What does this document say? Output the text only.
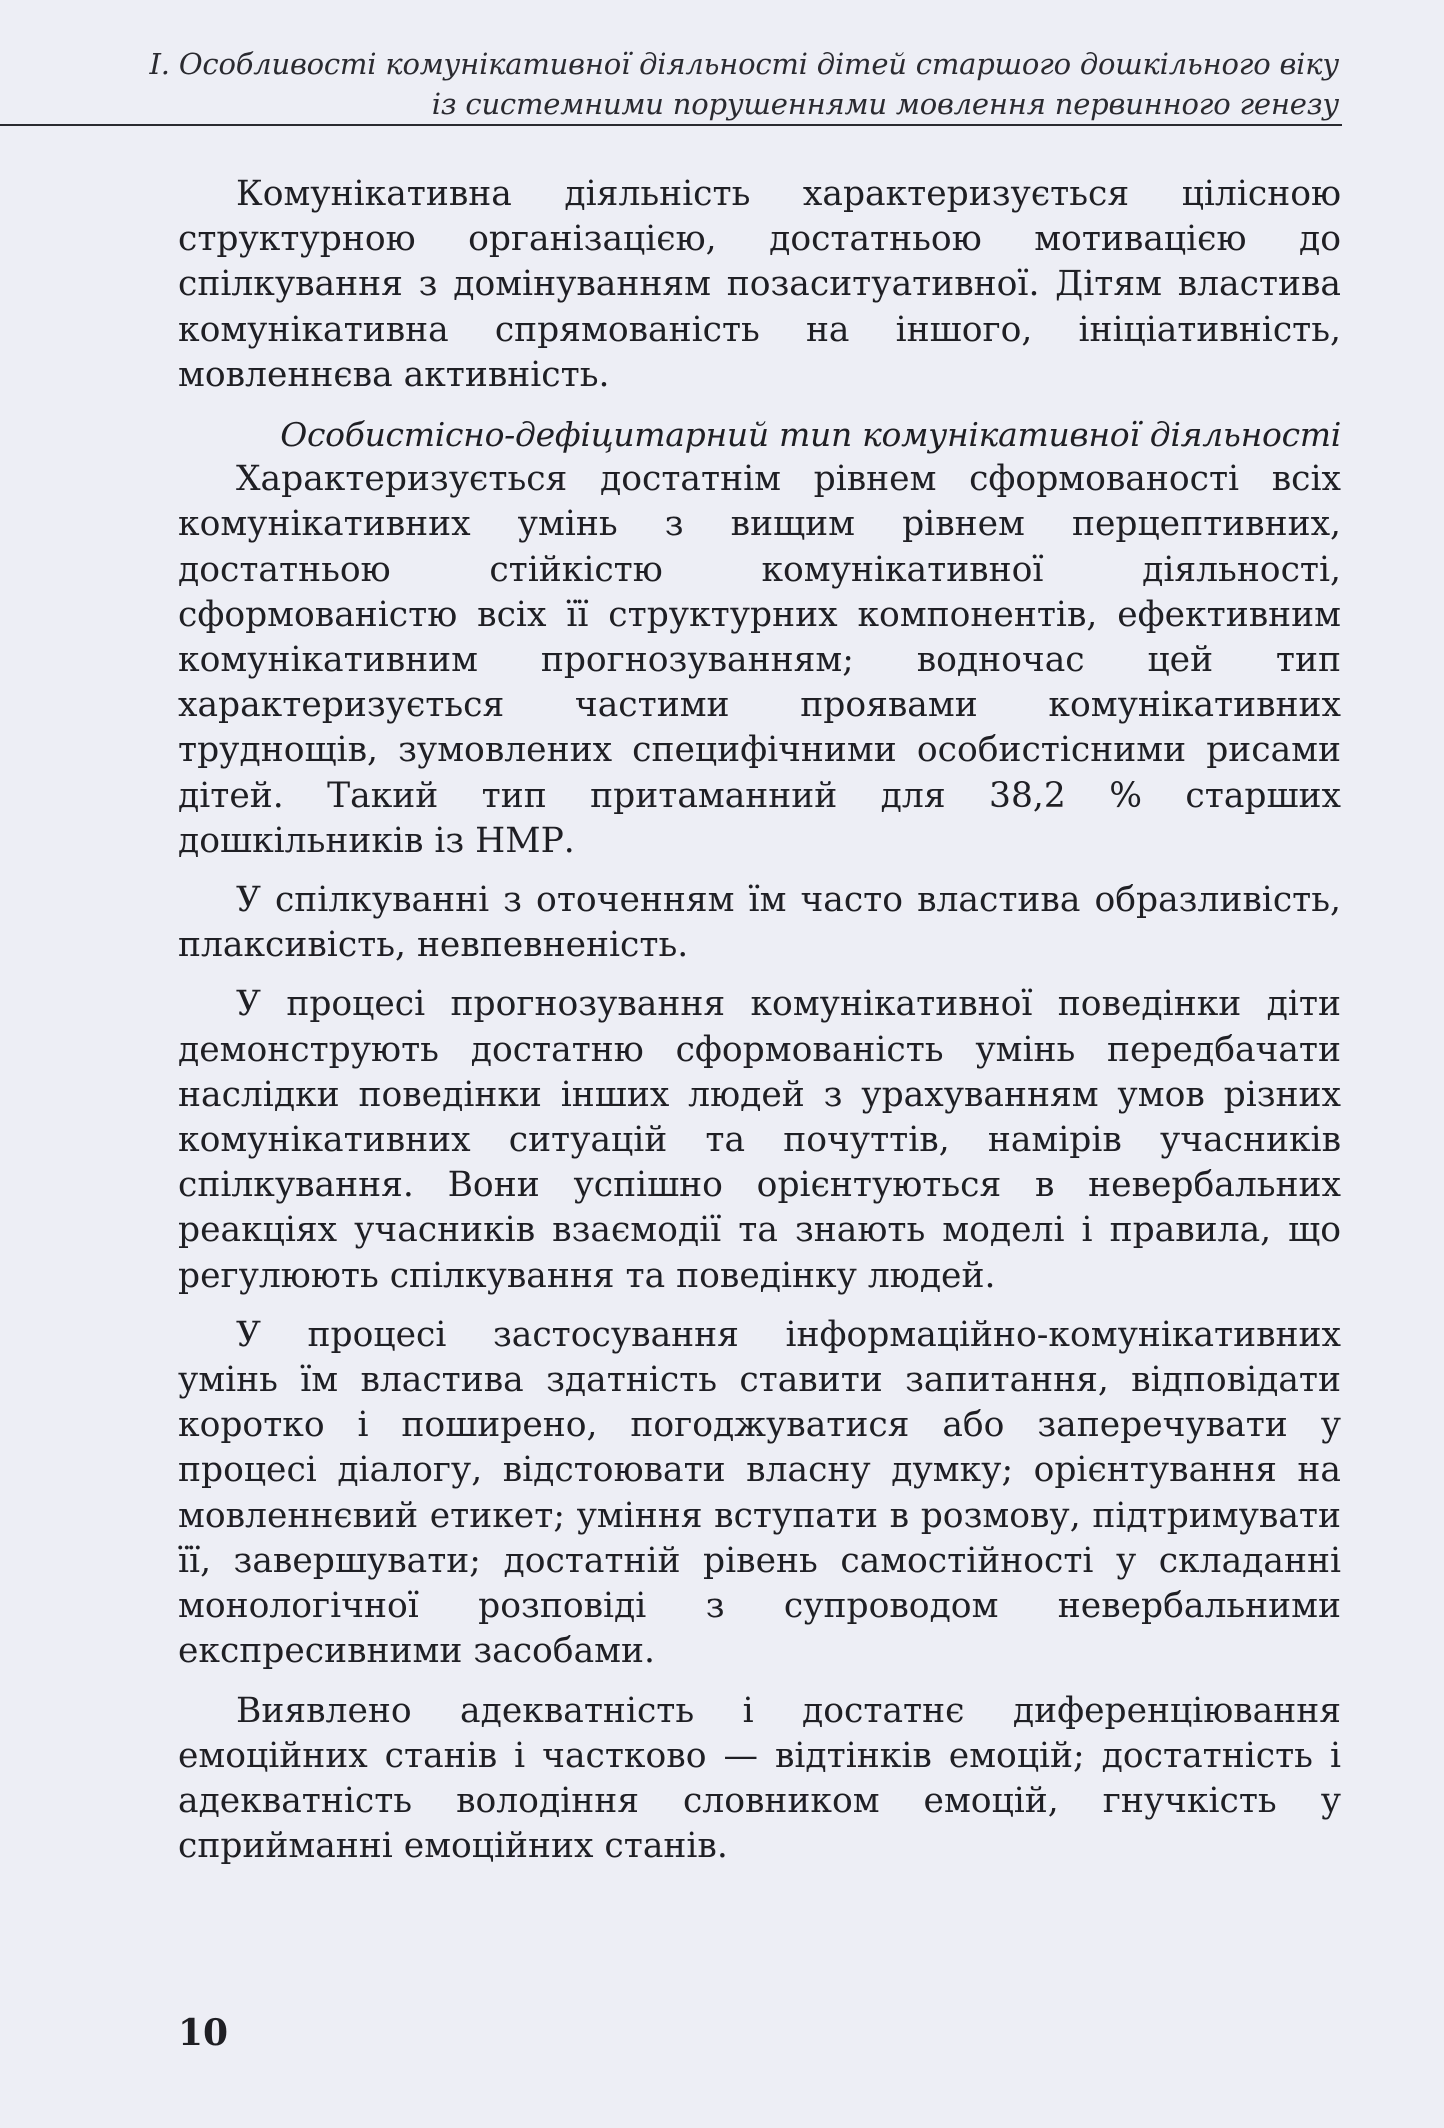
I. Особливості комунікативної діяльності дітей старшого дошкільного віку
із системними порушеннями мовлення первинного генезу

Комунікативна діяльність характеризується цілісною структурною організацією, достатньою мотивацією до спілкування з домінуванням позаситуативної. Дітям властива комунікативна спрямованість на іншого, ініціативність, мовленнєва активність.

Особистісно-дефіцитарний тип комунікативної діяльності

Характеризується достатнім рівнем сформованості всіх комунікативних умінь з вищим рівнем перцептивних, достатньою стійкістю комунікативної діяльності, сформованістю всіх її структурних компонентів, ефективним комунікативним прогнозуванням; водночас цей тип характеризується частими проявами комунікативних труднощів, зумовлених специфічними особистісними рисами дітей. Такий тип притаманний для 38,2 % старших дошкільників із НМР.

У спілкуванні з оточенням їм часто властива образливість, плаксивість, невпевненість.

У процесі прогнозування комунікативної поведінки діти демонструють достатню сформованість умінь передбачати наслідки поведінки інших людей з урахуванням умов різних комунікативних ситуацій та почуттів, намірів учасників спілкування. Вони успішно орієнтуються в невербальних реакціях учасників взаємодії та знають моделі і правила, що регулюють спілкування та поведінку людей.

У процесі застосування інформаційно-комунікативних умінь їм властива здатність ставити запитання, відповідати коротко і поширено, погоджуватися або заперечувати у процесі діалогу, відстоювати власну думку; орієнтування на мовленнєвий етикет; уміння вступати в розмову, підтримувати її, завершувати; достатній рівень самостійності у складанні монологічної розповіді з супроводом невербальними експресивними засобами.

Виявлено адекватність і достатнє диференціювання емоційних станів і частково — відтінків емоцій; достатність і адекватність володіння словником емоцій, гнучкість у сприйманні емоційних станів.

10
